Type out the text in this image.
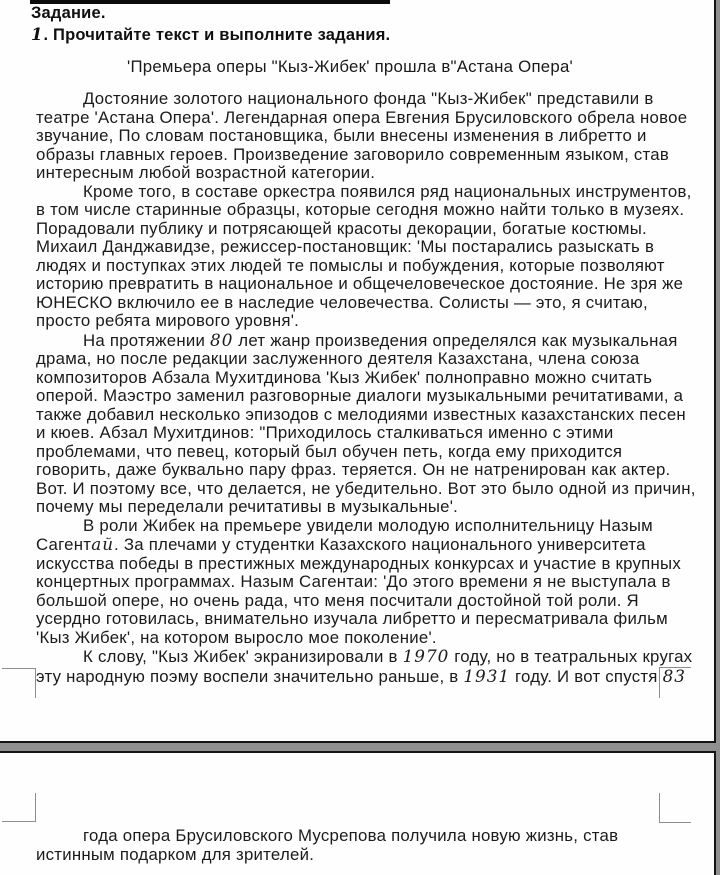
Задание.
1. Прочитайте текст и выполните задания.
'Премьера оперы "Кыз-Жибек' прошла в"Астана Опера'

Достояние золотого национального фонда "Кыз-Жибек" представили в театре 'Астана Опера'. Легендарная опера Евгения Брусиловского обрела новое звучание, По словам постановщика, были внесены изменения в либретто и образы главных героев. Произведение заговорило современным языком, став интересным любой возрастной категории.

Кроме того, в составе оркестра появился ряд национальных инструментов, в том числе старинные образцы, которые сегодня можно найти только в музеях. Порадовали публику и потрясающей красоты декорации, богатые костюмы. Михаил Данджавидзе, режиссер-постановщик: 'Мы постарались разыскать в людях и поступках этих людей те помыслы и побуждения, которые позволяют историю превратить в национальное и общечеловеческое достояние. Не зря же ЮНЕСКО включило ее в наследие человечества. Солисты — это, я считаю, просто ребята мирового уровня'.

На протяжении 80 лет жанр произведения определялся как музыкальная драма, но после редакции заслуженного деятеля Казахстана, члена союза композиторов Абзала Мухитдинова 'Кыз Жибек' полноправно можно считать оперой. Маэстро заменил разговорные диалоги музыкальными речитативами, а также добавил несколько эпизодов с мелодиями известных казахстанских песен и кюев. Абзал Мухитдинов: "Приходилось сталкиваться именно с этими проблемами, что певец, который был обучен петь, когда ему приходится говорить, даже буквально пару фраз. теряется. Он не натренирован как актер. Вот. И поэтому все, что делается, не убедительно. Вот это было одной из причин, почему мы переделали речитативы в музыкальные'.

В роли Жибек на премьере увидели молодую исполнительницу Назым Сагентай. За плечами у студентки Казахского национального университета искусства победы в престижных международных конкурсах и участие в крупных концертных программах. Назым Сагентаи: 'До этого времени я не выступала в большой опере, но очень рада, что меня посчитали достойной той роли. Я усердно готовилась, внимательно изучала либретто и пересматривала фильм 'Кыз Жибек', на котором выросло мое поколение'.

К слову, "Кыз Жибек' экранизировали в 1970 году, но в театральных кругах эту народную поэму воспели значительно раньше, в 1931 году. И вот спустя 83

года опера Брусиловского Мусрепова получила новую жизнь, став истинным подарком для зрителей.
